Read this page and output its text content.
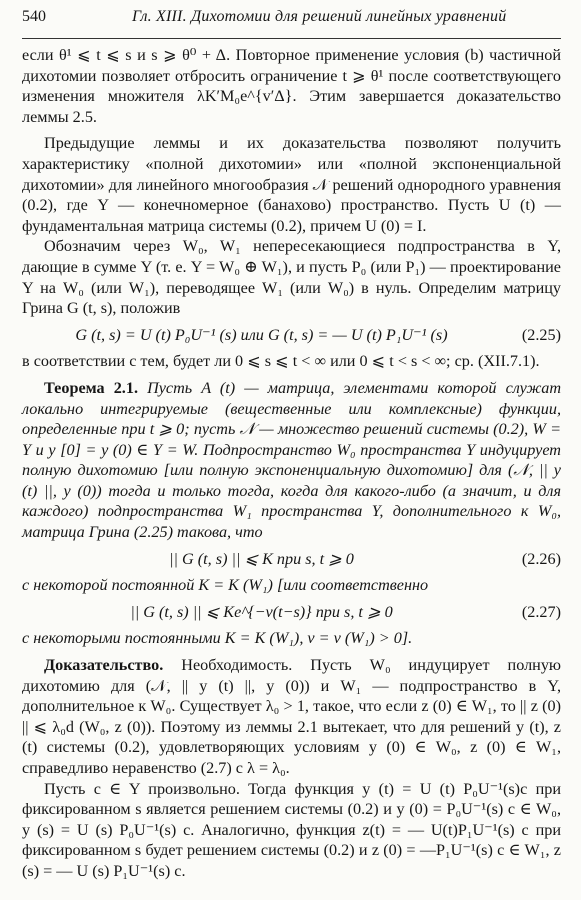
540	Гл. XIII. Дихотомии для решений линейных уравнений

если θ¹ ⩽ t ⩽ s и s ⩾ θ⁰ + Δ. Повторное применение условия (b) частичной дихотомии позволяет отбросить ограничение t ⩾ θ¹ после соответствующего изменения множителя λK′M₀e^{v′Δ}. Этим завершается доказательство леммы 2.5.

Предыдущие леммы и их доказательства позволяют получить характеристику «полной дихотомии» или «полной экспоненциальной дихотомии» для линейного многообразия 𝒩 решений однородного уравнения (0.2), где Y — конечномерное (банахово) пространство. Пусть U (t) — фундаментальная матрица системы (0.2), причем U (0) = I.

Обозначим через W₀, W₁ непересекающиеся подпространства в Y, дающие в сумме Y (т. е. Y = W₀ ⊕ W₁), и пусть P₀ (или P₁) — проектирование Y на W₀ (или W₁), переводящее W₁ (или W₀) в нуль. Определим матрицу Грина G (t, s), положив

G (t, s) = U (t) P₀U⁻¹ (s) или G (t, s) = — U (t) P₁U⁻¹ (s)	(2.25)

в соответствии с тем, будет ли 0 ⩽ s ⩽ t < ∞ или 0 ⩽ t < s < ∞; ср. (XII.7.1).

Теорема 2.1. Пусть A (t) — матрица, элементами которой служат локально интегрируемые (вещественные или комплексные) функции, определенные при t ⩾ 0; пусть 𝒩 — множество решений системы (0.2), W = Y и y [0] = y (0) ∈ Y = W. Подпространство W₀ пространства Y индуцирует полную дихотомию [или полную экспоненциальную дихотомию] для (𝒩, || y (t) ||, y (0)) тогда и только тогда, когда для какого-либо (а значит, и для каждого) подпространства W₁ пространства Y, дополнительного к W₀, матрица Грина (2.25) такова, что

|| G (t, s) || ⩽ K при s, t ⩾ 0	(2.26)

с некоторой постоянной K = K (W₁) [или соответственно

|| G (t, s) || ⩽ Ke^{−ν(t−s)} при s, t ⩾ 0	(2.27)

с некоторыми постоянными K = K (W₁), ν = ν (W₁) > 0].

Доказательство. Необходимость. Пусть W₀ индуцирует полную дихотомию для (𝒩, || y (t) ||, y (0)) и W₁ — подпространство в Y, дополнительное к W₀. Существует λ₀ > 1, такое, что если z (0) ∈ W₁, то || z (0) || ⩽ λ₀d (W₀, z (0)). Поэтому из леммы 2.1 вытекает, что для решений y (t), z (t) системы (0.2), удовлетворяющих условиям y (0) ∈ W₀, z (0) ∈ W₁, справедливо неравенство (2.7) с λ = λ₀.

Пусть c ∈ Y произвольно. Тогда функция y (t) = U (t) P₀U⁻¹(s)c при фиксированном s является решением системы (0.2) и y (0) = P₀U⁻¹(s) c ∈ W₀, y (s) = U (s) P₀U⁻¹(s) c. Аналогично, функция z(t) = — U(t)P₁U⁻¹(s) c при фиксированном s будет решением системы (0.2) и z (0) = —P₁U⁻¹(s) c ∈ W₁, z (s) = — U (s) P₁U⁻¹(s) c.
